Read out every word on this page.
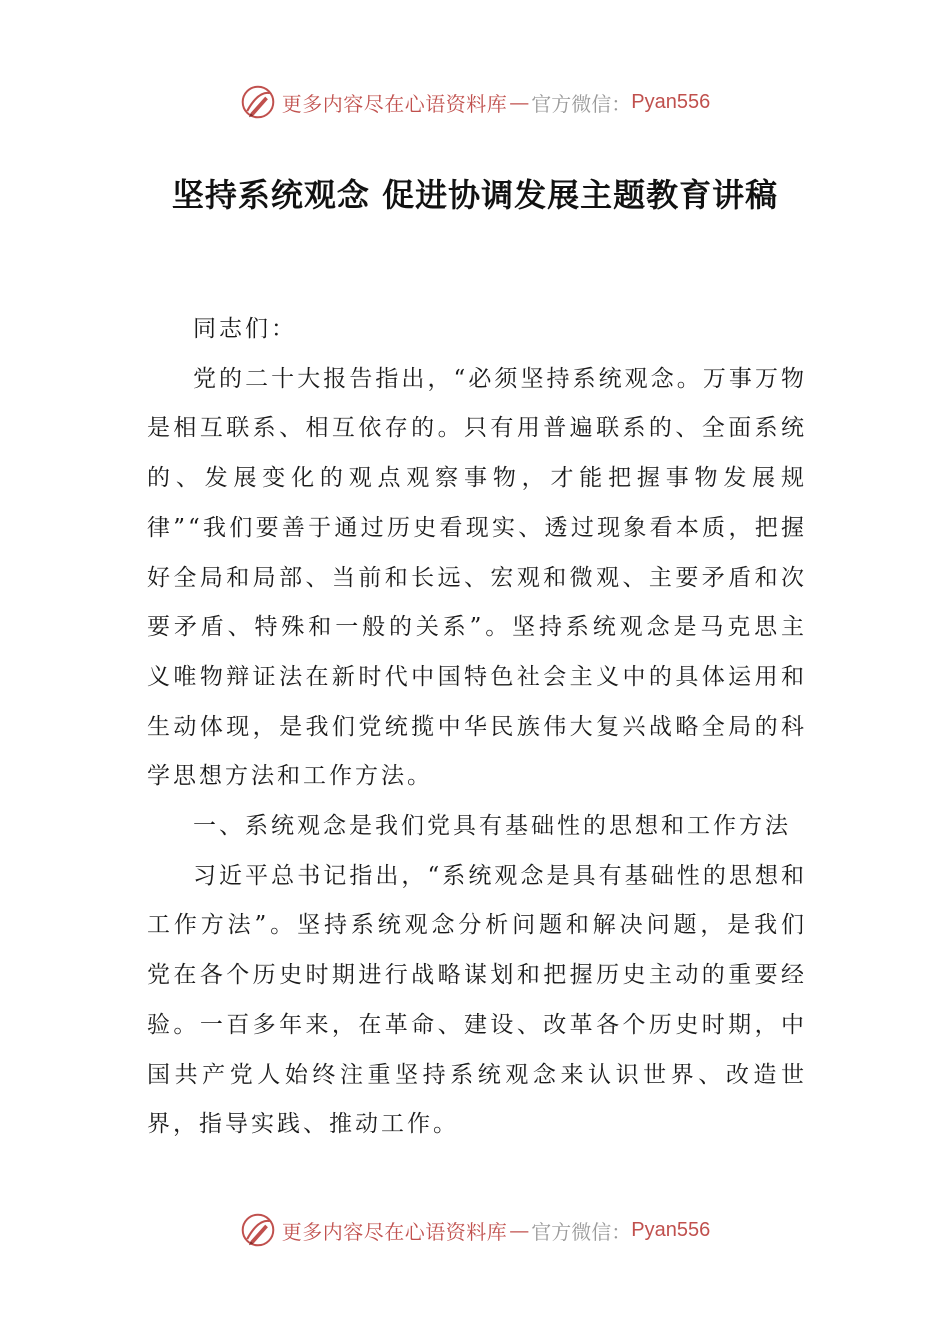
更多内容尽在心语资料库 — 官方微信： Pyan556
坚持系统观念 促进协调发展主题教育讲稿

同志们：

党的二十大报告指出，“必须坚持系统观念。万事万物是相互联系、相互依存的。只有用普遍联系的、全面系统的、发展变化的观点观察事物，才能把握事物发展规律”“我们要善于通过历史看现实、透过现象看本质，把握好全局和局部、当前和长远、宏观和微观、主要矛盾和次要矛盾、特殊和一般的关系”。坚持系统观念是马克思主义唯物辩证法在新时代中国特色社会主义中的具体运用和生动体现，是我们党统揽中华民族伟大复兴战略全局的科学思想方法和工作方法。

一、系统观念是我们党具有基础性的思想和工作方法

习近平总书记指出，“系统观念是具有基础性的思想和工作方法”。坚持系统观念分析问题和解决问题，是我们党在各个历史时期进行战略谋划和把握历史主动的重要经验。一百多年来，在革命、建设、改革各个历史时期，中国共产党人始终注重坚持系统观念来认识世界、改造世界，指导实践、推动工作。

更多内容尽在心语资料库 — 官方微信： Pyan556
